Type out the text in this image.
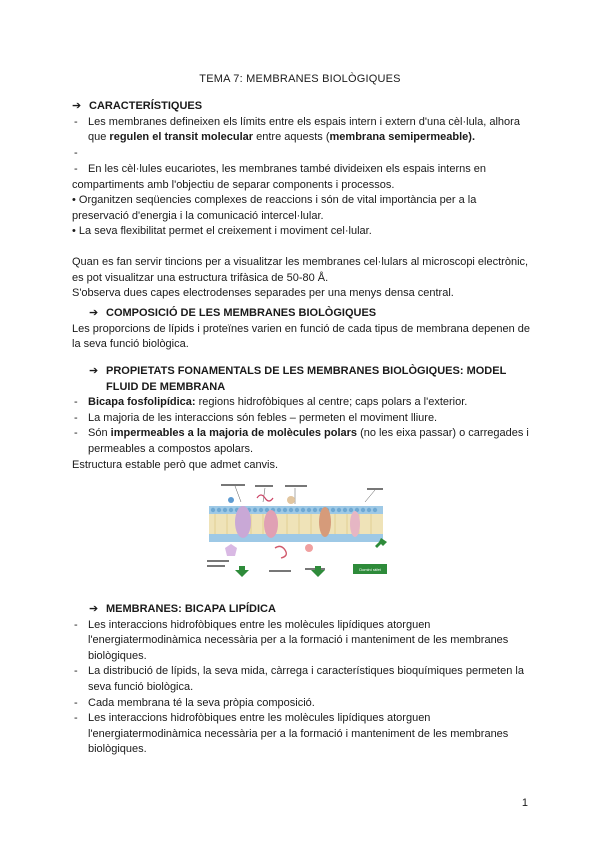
TEMA 7: MEMBRANES BIOLÒGIQUES
➔ CARACTERÍSTIQUES
- Les membranes defineixen els límits entre els espais intern i extern d'una cèl·lula, alhora que regulen el transit molecular entre aquests (membrana semipermeable).
-
- En les cèl·lules eucariotes, les membranes també divideixen els espais interns en compartiments amb l'objectiu de separar components i processos.
• Organitzen seqüencies complexes de reaccions i són de vital importància per a la preservació d'energia i la comunicació intercel·lular.
• La seva flexibilitat permet el creixement i moviment cel·lular.
Quan es fan servir tincions per a visualitzar les membranes cel·lulars al microscopi electrònic, es pot visualitzar una estructura trifàsica de 50-80 Å.
S'observa dues capes electrodenses separades per una menys densa central.
➔ COMPOSICIÓ DE LES MEMBRANES BIOLÒGIQUES
Les proporcions de lípids i proteïnes varien en funció de cada tipus de membrana depenen de la seva funció biològica.
➔ PROPIETATS FONAMENTALS DE LES MEMBRANES BIOLÒGIQUES: MODEL FLUID DE MEMBRANA
- Bicapa fosfolipídica: regions hidrofòbiques al centre; caps polars a l'exterior.
- La majoria de les interaccions són febles – permeten el moviment lliure.
- Són impermeables a la majoria de molècules polars (no les eixa passar) o carregades i permeables a compostos apolars.
Estructura estable però que admet canvis.
Domini ràfet
➔ MEMBRANES: BICAPA LIPÍDICA
- Les interaccions hidrofòbiques entre les molècules lipídiques atorguen l'energiatermodinàmica necessària per a la formació i manteniment de les membranes biològiques.
- La distribució de lípids, la seva mida, càrrega i característiques bioquímiques permeten la seva funció biològica.
- Cada membrana té la seva pròpia composició.
- Les interaccions hidrofòbiques entre les molècules lipídiques atorguen l'energiatermodinàmica necessària per a la formació i manteniment de les membranes biològiques.
1
